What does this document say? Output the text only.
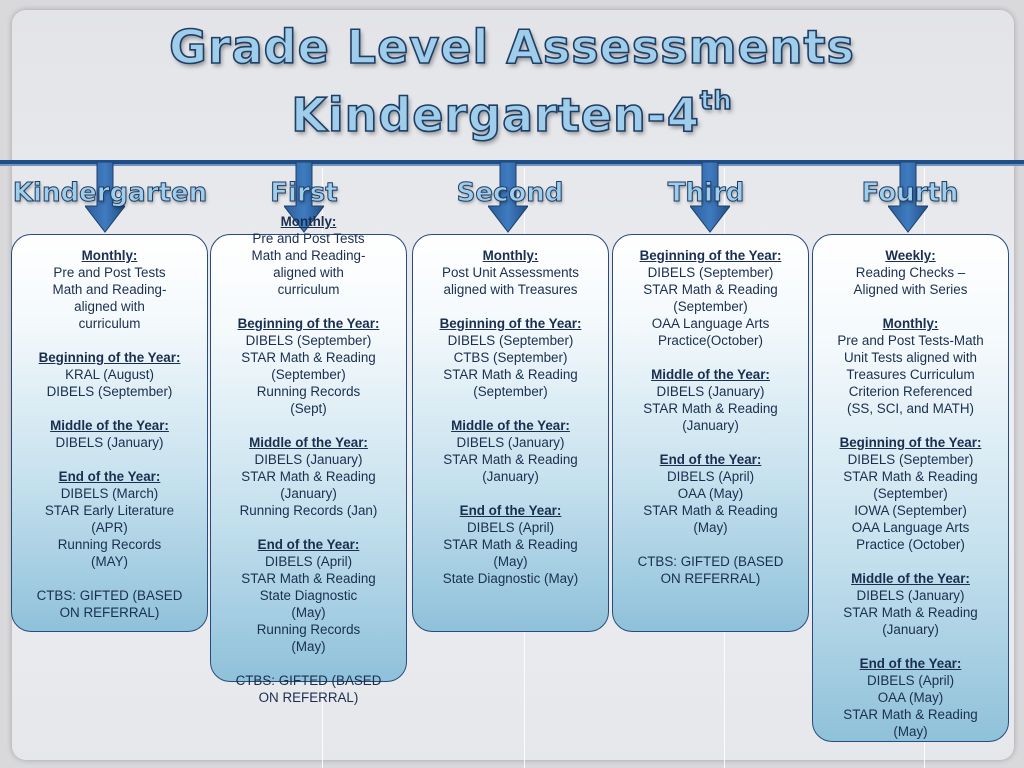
Grade Level Assessments
Kindergarten-4th
Kindergarten
Monthly:
Pre and Post Tests
Math and Reading-
aligned with
curriculum
Beginning of the Year:
KRAL (August)
DIBELS (September)
Middle of the Year:
DIBELS (January)
End of the Year:
DIBELS (March)
STAR Early Literature
(APR)
Running Records
(MAY)
CTBS: GIFTED (BASED
ON REFERRAL)
First
Monthly:
Pre and Post Tests
Math and Reading-
aligned with
curriculum
Beginning of the Year:
DIBELS (September)
STAR Math & Reading
(September)
Running Records
(Sept)
Middle of the Year:
DIBELS (January)
STAR Math & Reading
(January)
Running Records (Jan)
End of the Year:
DIBELS (April)
STAR Math & Reading
State Diagnostic
(May)
Running Records
(May)
CTBS: GIFTED (BASED
ON REFERRAL)
Second
Monthly:
Post Unit Assessments
aligned with Treasures
Beginning of the Year:
DIBELS (September)
CTBS (September)
STAR Math & Reading
(September)
Middle of the Year:
DIBELS (January)
STAR Math & Reading
(January)
End of the Year:
DIBELS (April)
STAR Math & Reading
(May)
State Diagnostic (May)
Third
Beginning of the Year:
DIBELS (September)
STAR Math & Reading
(September)
OAA Language Arts
Practice(October)
Middle of the Year:
DIBELS (January)
STAR Math & Reading
(January)
End of the Year:
DIBELS (April)
OAA (May)
STAR Math & Reading
(May)
CTBS: GIFTED (BASED
ON REFERRAL)
Fourth
Weekly:
Reading Checks –
Aligned with Series
Monthly:
Pre and Post Tests-Math
Unit Tests aligned with
Treasures Curriculum
Criterion Referenced
(SS, SCI, and MATH)
Beginning of the Year:
DIBELS (September)
STAR Math & Reading
(September)
IOWA (September)
OAA Language Arts
Practice (October)
Middle of the Year:
DIBELS (January)
STAR Math & Reading
(January)
End of the Year:
DIBELS (April)
OAA (May)
STAR Math & Reading
(May)
